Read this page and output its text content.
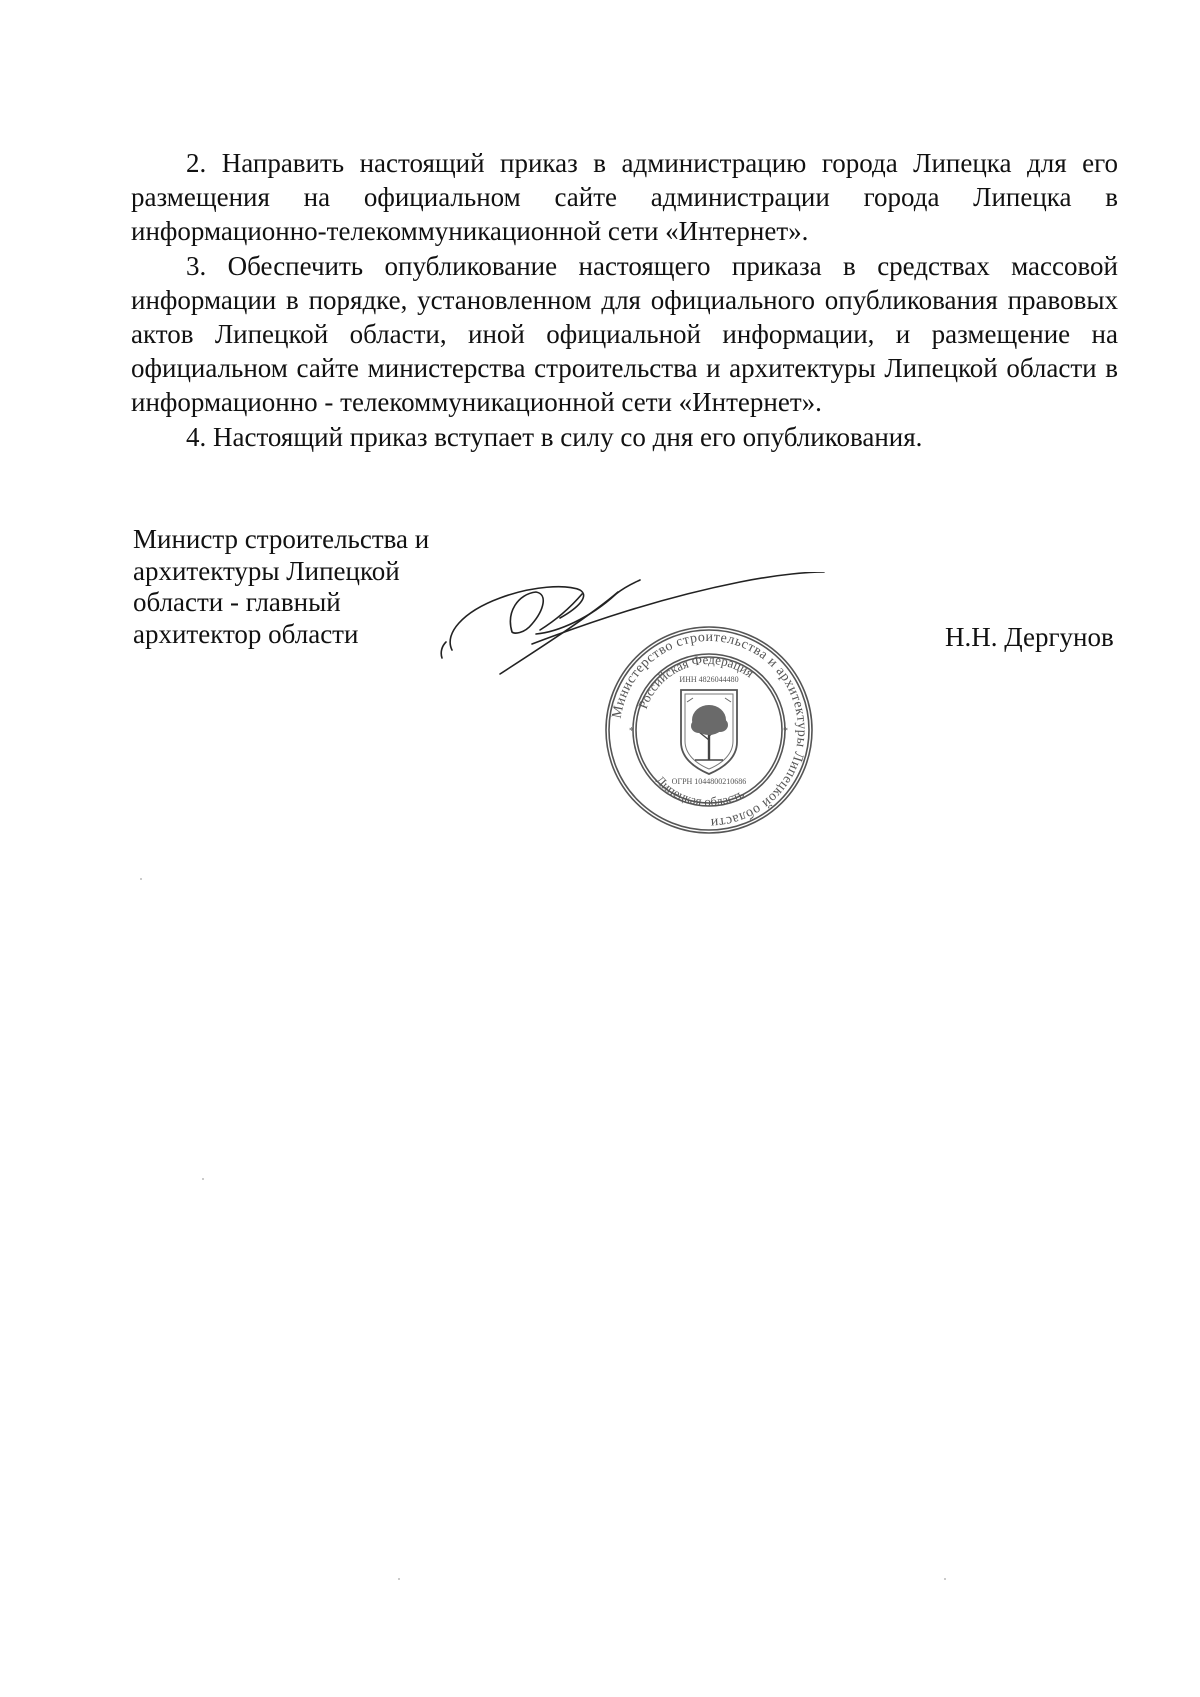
2. Направить настоящий приказ в администрацию города Липецка для его размещения на официальном сайте администрации города Липецка в информационно-телекоммуникационной сети «Интернет».

3. Обеспечить опубликование настоящего приказа в средствах массовой информации в порядке, установленном для официального опубликования правовых актов Липецкой области, иной официальной информации, и размещение на официальном сайте министерства строительства и архитектуры Липецкой области в информационно - телекоммуникационной сети «Интернет».

4. Настоящий приказ вступает в силу со дня его опубликования.

Министр строительства и
архитектуры Липецкой
области - главный
архитектор области
Министерство строительства и архитектуры Липецкой области
Российская Федерация
Липецкая область
ИНН 4826044480
ОГРН 1044800210686
*	*
Н.Н. Дергунов
